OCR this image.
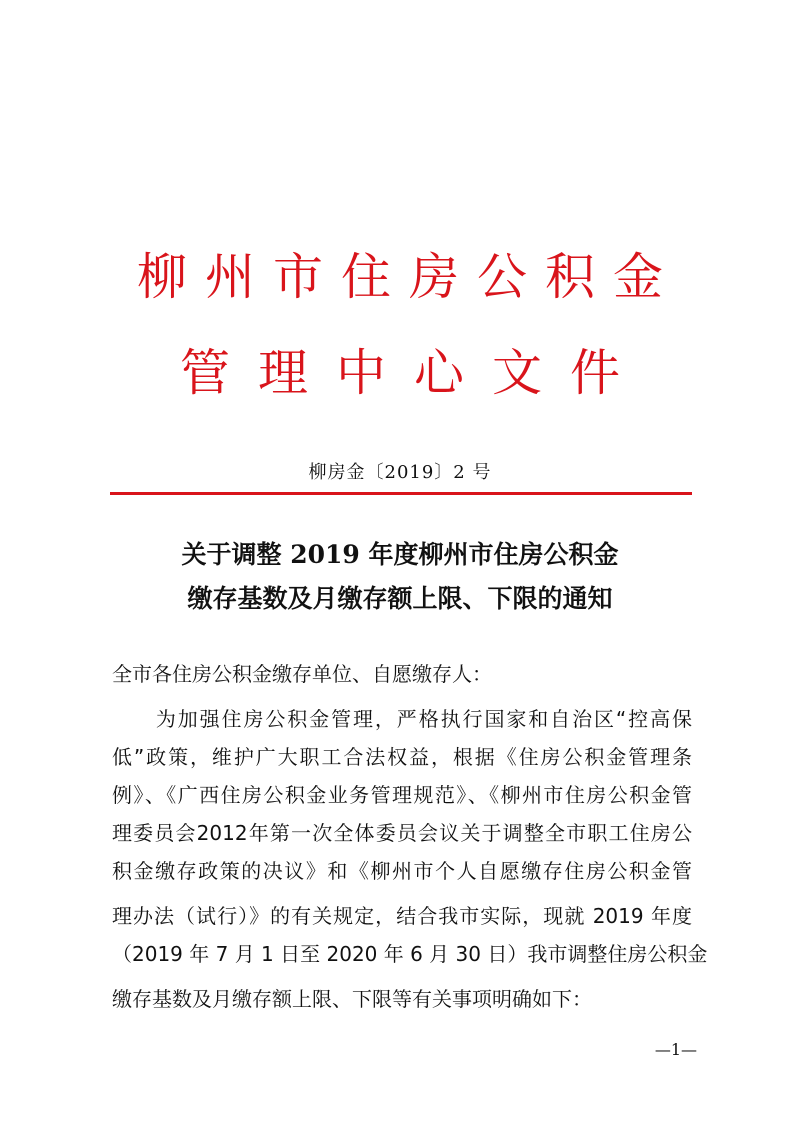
柳州市住房公积金
管理中心文件
柳房金〔2019〕2 号
关于调整 2019 年度柳州市住房公积金
缴存基数及月缴存额上限、下限的通知
全市各住房公积金缴存单位、自愿缴存人：
　　为加强住房公积金管理，严格执行国家和自治区“控高保
低”政策，维护广大职工合法权益，根据《住房公积金管理条
例》、《广西住房公积金业务管理规范》、《柳州市住房公积金管
理委员会2012年第一次全体委员会议关于调整全市职工住房公
积金缴存政策的决议》和《柳州市个人自愿缴存住房公积金管
理办法（试行）》的有关规定，结合我市实际，现就 2019 年度
（2019 年 7 月 1 日至 2020 年 6 月 30 日）我市调整住房公积金
缴存基数及月缴存额上限、下限等有关事项明确如下：
—1—
